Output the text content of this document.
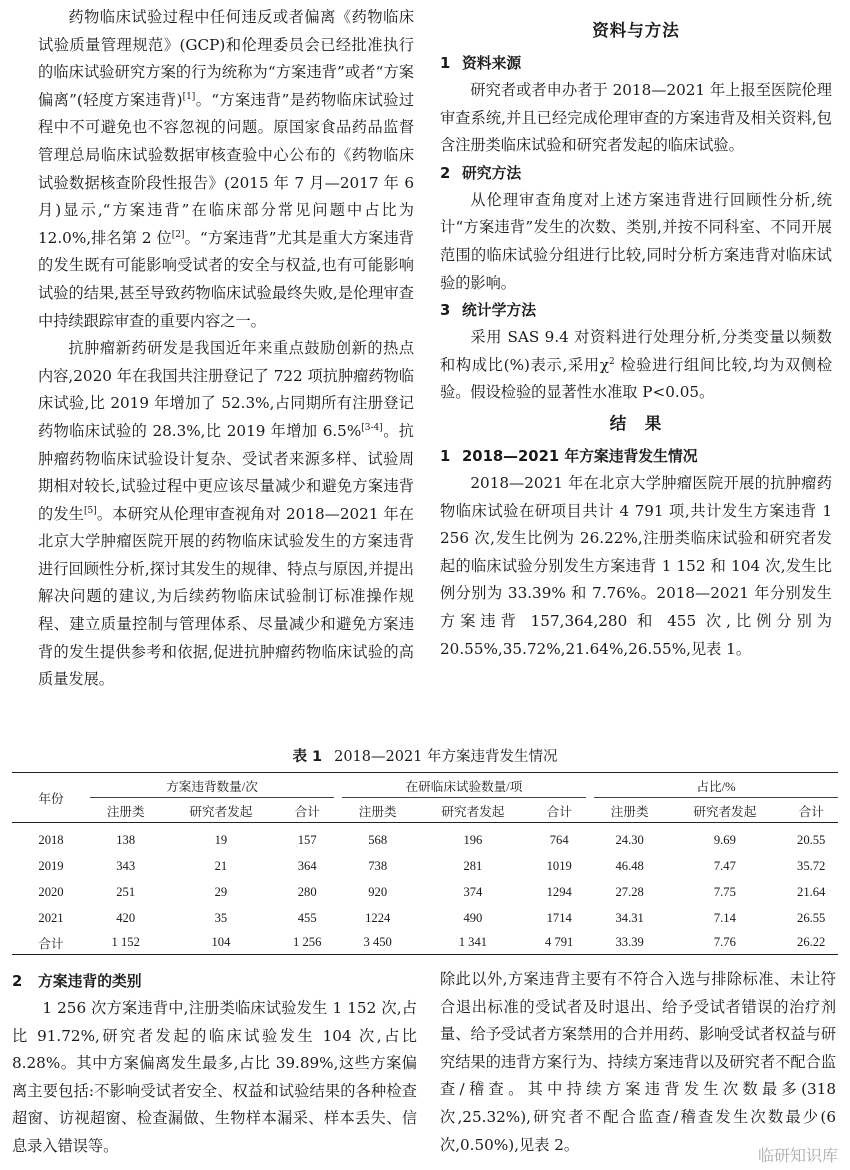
药物临床试验过程中任何违反或者偏离《药物临床试验质量管理规范》(GCP)和伦理委员会已经批准执行的临床试验研究方案的行为统称为“方案违背”或者“方案偏离”(轻度方案违背)[1]。“方案违背”是药物临床试验过程中不可避免也不容忽视的问题。原国家食品药品监督管理总局临床试验数据审核查验中心公布的《药物临床试验数据核查阶段性报告》(2015 年 7 月—2017 年 6 月)显示,“方案违背”在临床部分常见问题中占比为 12.0%,排名第 2 位[2]。“方案违背”尤其是重大方案违背的发生既有可能影响受试者的安全与权益,也有可能影响试验的结果,甚至导致药物临床试验最终失败,是伦理审查中持续跟踪审查的重要内容之一。

抗肿瘤新药研发是我国近年来重点鼓励创新的热点内容,2020 年在我国共注册登记了 722 项抗肿瘤药物临床试验,比 2019 年增加了 52.3%,占同期所有注册登记药物临床试验的 28.3%,比 2019 年增加 6.5%[3-4]。抗肿瘤药物临床试验设计复杂、受试者来源多样、试验周期相对较长,试验过程中更应该尽量减少和避免方案违背的发生[5]。本研究从伦理审查视角对 2018—2021 年在北京大学肿瘤医院开展的药物临床试验发生的方案违背进行回顾性分析,探讨其发生的规律、特点与原因,并提出解决问题的建议,为后续药物临床试验制订标准操作规程、建立质量控制与管理体系、尽量减少和避免方案违背的发生提供参考和依据,促进抗肿瘤药物临床试验的高质量发展。

资料与方法

1 资料来源

研究者或者申办者于 2018—2021 年上报至医院伦理审查系统,并且已经完成伦理审查的方案违背及相关资料,包含注册类临床试验和研究者发起的临床试验。

2 研究方法

从伦理审查角度对上述方案违背进行回顾性分析,统计“方案违背”发生的次数、类别,并按不同科室、不同开展范围的临床试验分组进行比较,同时分析方案违背对临床试验的影响。

3 统计学方法

采用 SAS 9.4 对资料进行处理分析,分类变量以频数和构成比(%)表示,采用$\chi^2$ 检验进行组间比较,均为双侧检验。假设检验的显著性水准取 P<0.05。

结　果

1 2018—2021 年方案违背发生情况

2018—2021 年在北京大学肿瘤医院开展的抗肿瘤药物临床试验在研项目共计 4 791 项,共计发生方案违背 1 256 次,发生比例为 26.22%,注册类临床试验和研究者发起的临床试验分别发生方案违背 1 152 和 104 次,发生比例分别为 33.39% 和 7.76%。2018—2021 年分别发生方案违背 157,364,280 和 455 次,比例分别为 20.55%,35.72%,21.64%,26.55%,见表 1。

表 1 2018—2021 年方案违背发生情况

年份	方案违背数量/次				在研临床试验数量/项				占比/%		
	注册类	研究者发起	合计		注册类	研究者发起	合计		注册类	研究者发起	合计
2018	138	19	157		568	196	764		24.30	9.69	20.55
2019	343	21	364		738	281	1019		46.48	7.47	35.72
2020	251	29	280		920	374	1294		27.28	7.75	21.64
2021	420	35	455		1224	490	1714		34.31	7.14	26.55
合计	1 152	104	1 256		3 450	1 341	4 791		33.39	7.76	26.22

2 方案违背的类别

1 256 次方案违背中,注册类临床试验发生 1 152 次,占比 91.72%,研究者发起的临床试验发生 104 次,占比 8.28%。其中方案偏离发生最多,占比 39.89%,这些方案偏离主要包括:不影响受试者安全、权益和试验结果的各种检查超窗、访视超窗、检查漏做、生物样本漏采、样本丢失、信息录入错误等。

除此以外,方案违背主要有不符合入选与排除标准、未让符合退出标准的受试者及时退出、给予受试者错误的治疗剂量、给予受试者方案禁用的合并用药、影响受试者权益与研究结果的违背方案行为、持续方案违背以及研究者不配合监查/稽查。其中持续方案违背发生次数最多(318 次,25.32%),研究者不配合监查/稽查发生次数最少(6 次,0.50%),见表 2。

临研知识库
